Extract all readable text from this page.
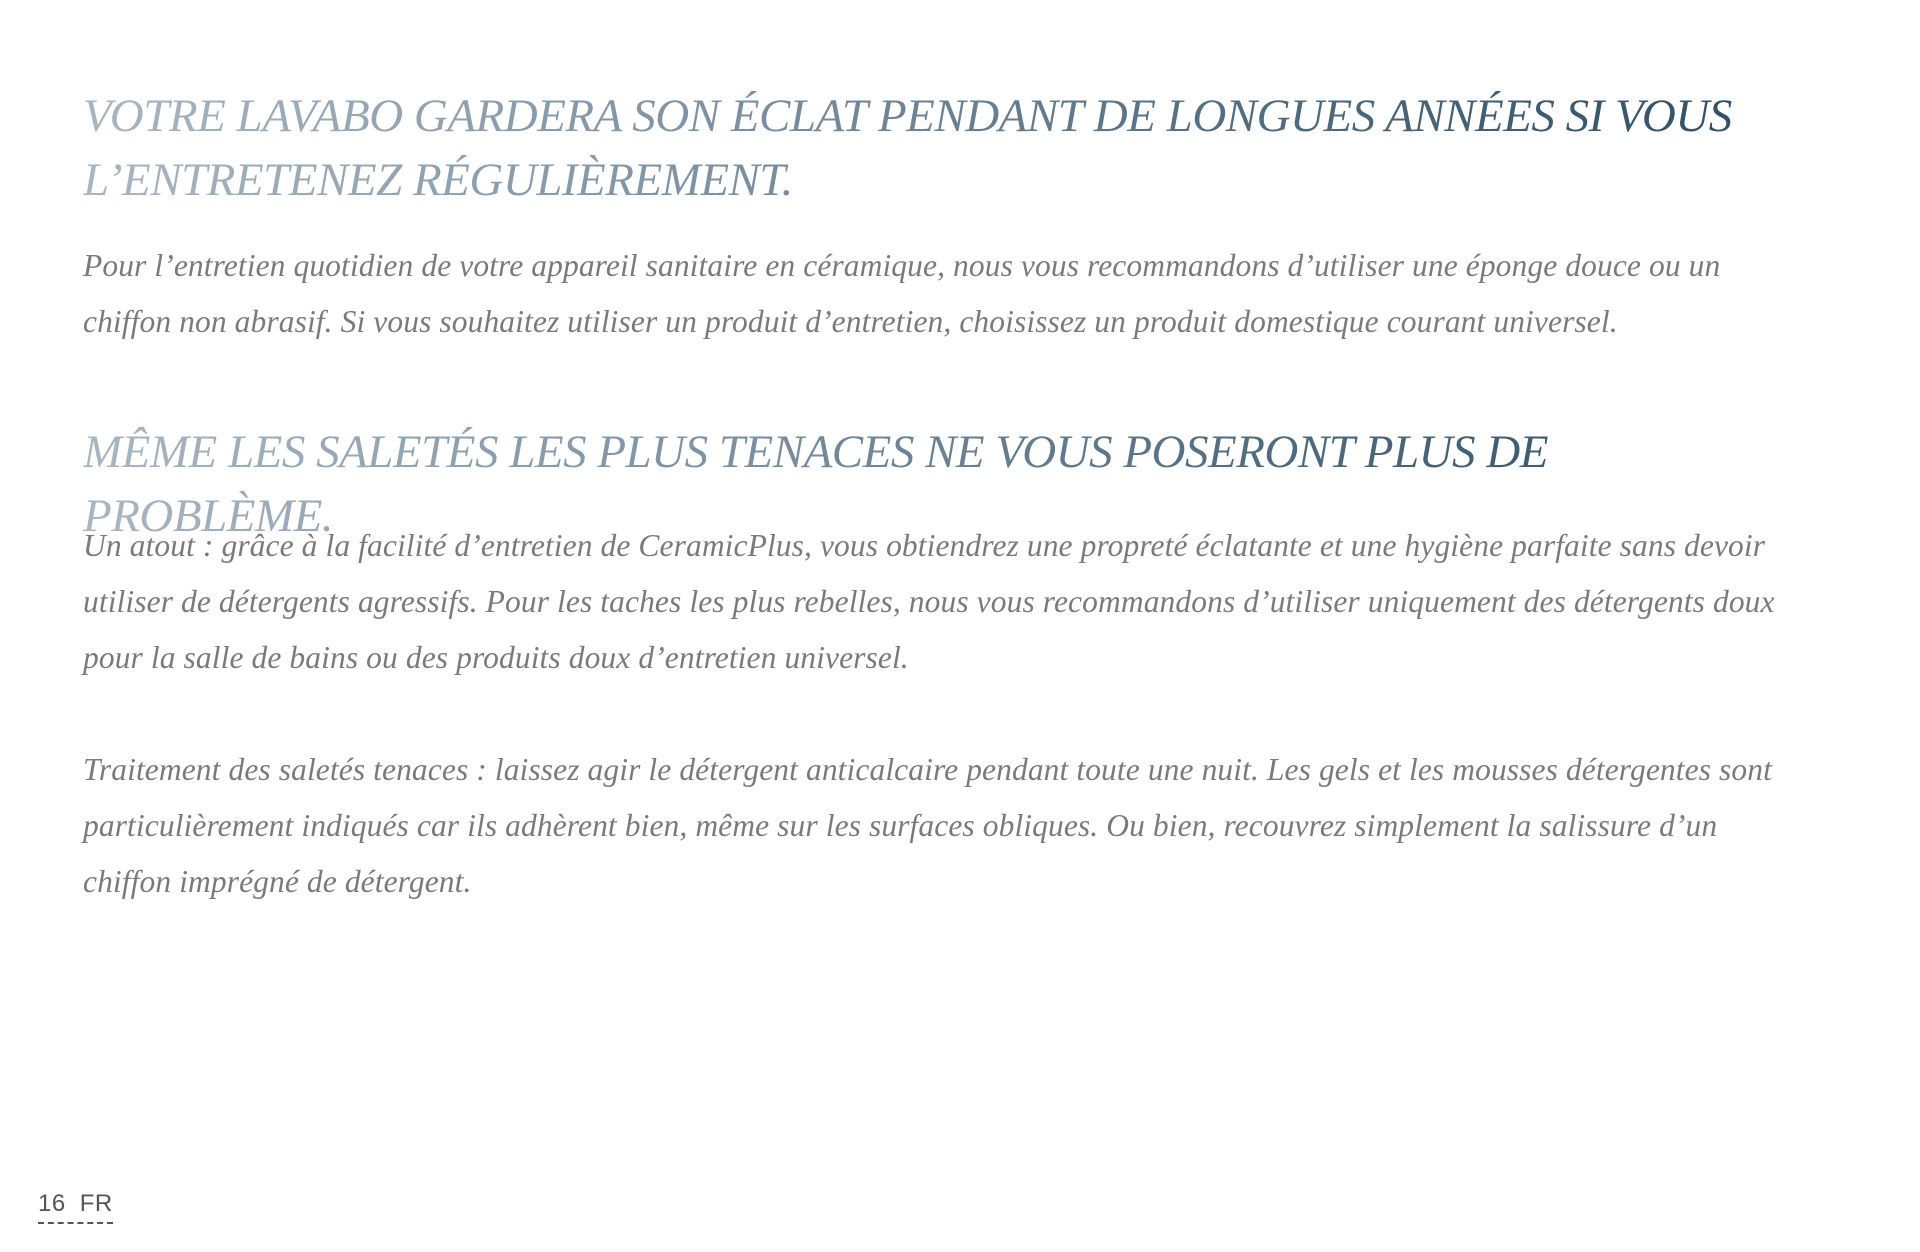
VOTRE LAVABO GARDERA SON ÉCLAT PENDANT DE LONGUES ANNÉES SI VOUS L’ENTRETENEZ RÉGULIÈREMENT.

Pour l’entretien quotidien de votre appareil sanitaire en céramique, nous vous recommandons d’utiliser une éponge douce ou un chiffon non abrasif. Si vous souhaitez utiliser un produit d’entretien, choisissez un produit domestique courant universel.

MÊME LES SALETÉS LES PLUS TENACES NE VOUS POSERONT PLUS DE PROBLÈME.

Un atout : grâce à la facilité d’entretien de CeramicPlus, vous obtiendrez une propreté éclatante et une hygiène parfaite sans devoir utiliser de détergents agressifs. Pour les taches les plus rebelles, nous vous recommandons d’utiliser uniquement des détergents doux pour la salle de bains ou des produits doux d’entretien universel.

Traitement des saletés tenaces : laissez agir le détergent anticalcaire pendant toute une nuit. Les gels et les mousses détergentes sont particulièrement indiqués car ils adhèrent bien, même sur les surfaces obliques. Ou bien, recouvrez simplement la salissure d’un chiffon imprégné de détergent.

16 FR
